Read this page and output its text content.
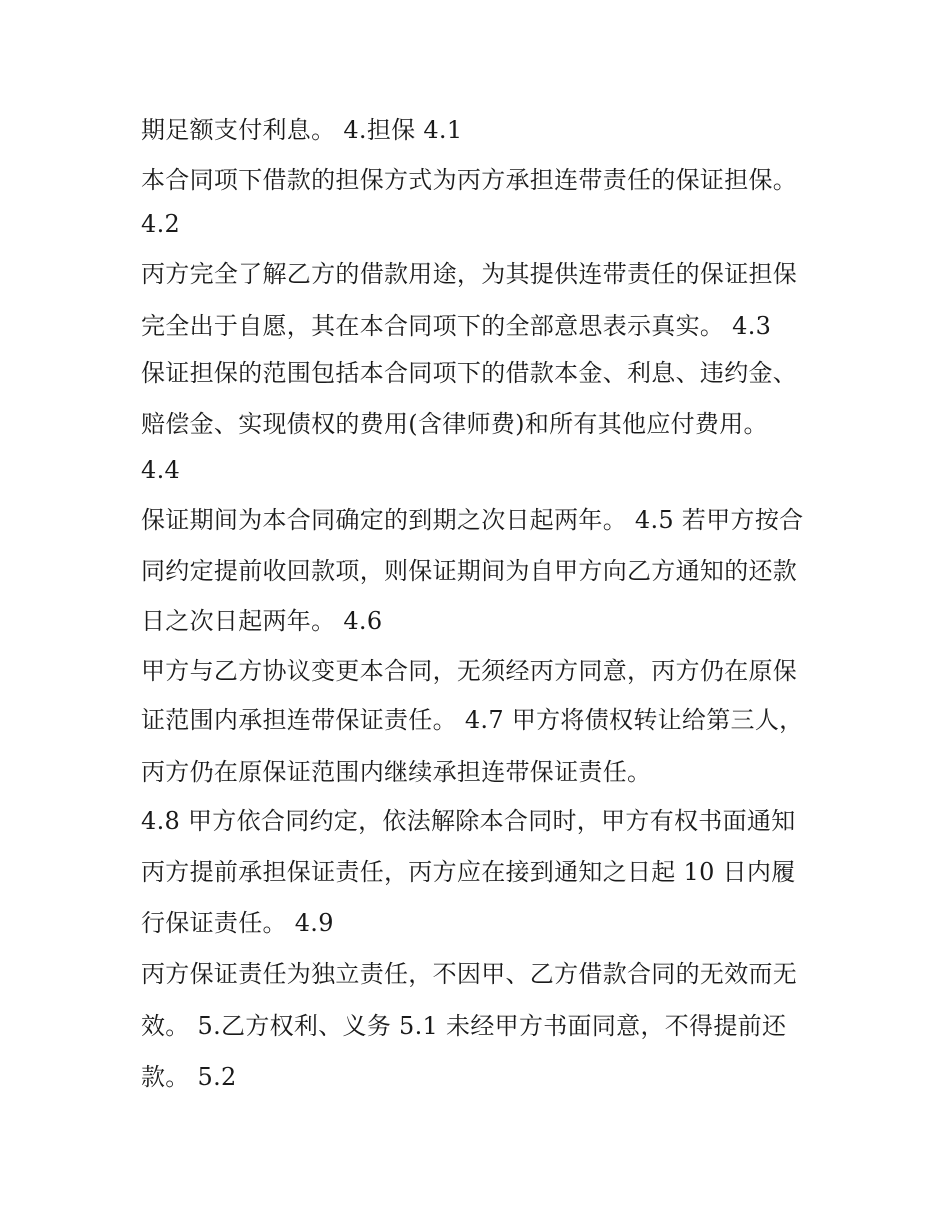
期足额支付利息。 4.担保 4.1

本合同项下借款的担保方式为丙方承担连带责任的保证担保。

4.2

丙方完全了解乙方的借款用途，为其提供连带责任的保证担保

完全出于自愿，其在本合同项下的全部意思表示真实。 4.3

保证担保的范围包括本合同项下的借款本金、利息、违约金、

赔偿金、实现债权的费用(含律师费)和所有其他应付费用。

4.4

保证期间为本合同确定的到期之次日起两年。 4.5 若甲方按合

同约定提前收回款项，则保证期间为自甲方向乙方通知的还款

日之次日起两年。 4.6

甲方与乙方协议变更本合同，无须经丙方同意，丙方仍在原保

证范围内承担连带保证责任。 4.7 甲方将债权转让给第三人，

丙方仍在原保证范围内继续承担连带保证责任。

4.8 甲方依合同约定，依法解除本合同时，甲方有权书面通知

丙方提前承担保证责任，丙方应在接到通知之日起 10 日内履

行保证责任。 4.9

丙方保证责任为独立责任，不因甲、乙方借款合同的无效而无

效。 5.乙方权利、义务 5.1 未经甲方书面同意，不得提前还

款。 5.2
